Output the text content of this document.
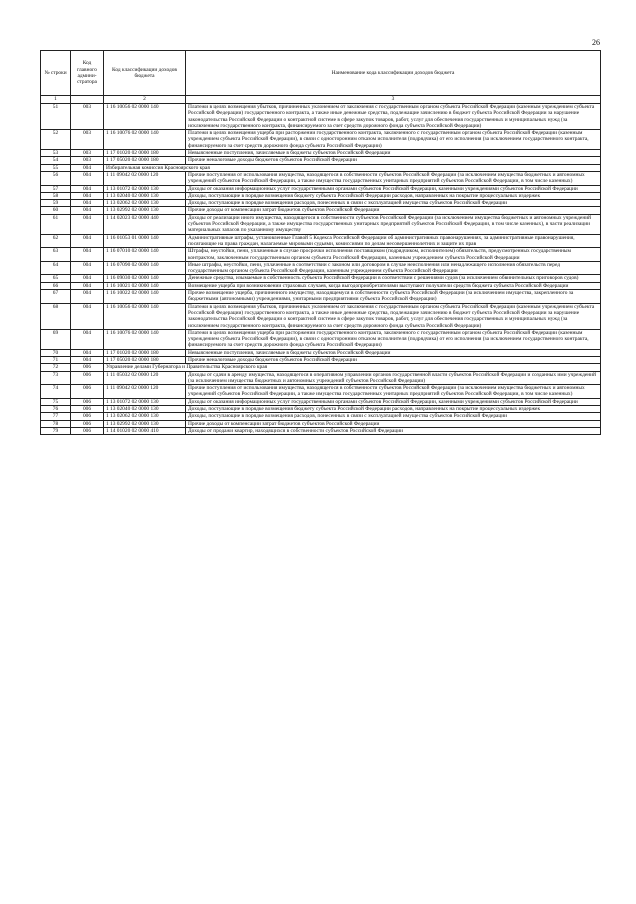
26
№ строки	Код главного админи-стратора	Код классификации доходов бюджета	Наименование кода классификации доходов бюджета
1		2	3
51	003	1 16 10056 02 0000 140	Платежи в целях возмещения убытков, причиненных уклонением от заключения с государственным органом субъекта Российской Федерации (казенным учреждением субъекта Российской Федерации) государственного контракта, а также иные денежные средства, подлежащие зачислению в бюджет субъекта Российской Федерации за нарушение законодательства Российской Федерации о контрактной системе в сфере закупок товаров, работ, услуг для обеспечения государственных и муниципальных нужд (за исключением государственного контракта, финансируемого за счет средств дорожного фонда субъекта Российской Федерации)
52	003	1 16 10076 02 0000 140	Платежи в целях возмещения ущерба при расторжении государственного контракта, заключенного с государственным органом субъекта Российской Федерации (казенным учреждением субъекта Российской Федерации), в связи с односторонним отказом исполнителя (подрядчика) от его исполнения (за исключением государственного контракта, финансируемого за счет средств дорожного фонда субъекта Российской Федерации)
53	003	1 17 01020 02 0000 180	Невыясненные поступления, зачисляемые в бюджеты субъектов Российской Федерации
54	003	1 17 05020 02 0000 180	Прочие неналоговые доходы бюджетов субъектов Российской Федерации
55	004	Избирательная комиссия Красноярского края	
56	004	1 11 09042 02 0000 120	Прочие поступления от использования имущества, находящегося в собственности субъектов Российской Федерации (за исключением имущества бюджетных и автономных учреждений субъектов Российской Федерации, а также имущества государственных унитарных предприятий субъектов Российской Федерации, в том числе казенных)
57	004	1 13 01072 02 0000 130	Доходы от оказания информационных услуг государственными органами субъектов Российской Федерации, казенными учреждениями субъектов Российской Федерации
58	004	1 13 02040 02 0000 130	Доходы, поступающие в порядке возмещения бюджету субъекта Российской Федерации расходов, направленных на покрытие процессуальных издержек
59	004	1 13 02062 02 0000 130	Доходы, поступающие в порядке возмещения расходов, понесенных в связи с эксплуатацией имущества субъектов Российской Федерации
60	004	1 13 02992 02 0000 130	Прочие доходы от компенсации затрат бюджетов субъектов Российской Федерации
61	004	1 14 02023 02 0000 440	Доходы от реализации иного имущества, находящегося в собственности субъектов Российской Федерации (за исключением имущества бюджетных и автономных учреждений субъектов Российской Федерации, а также имущества государственных унитарных предприятий субъектов Российской Федерации, в том числе казенных), в части реализации материальных запасов по указанному имуществу
62	004	1 16 01053 01 0000 140	Административные штрафы, установленные Главой 5 Кодекса Российской Федерации об административных правонарушениях, за административные правонарушения, посягающие на права граждан, налагаемые мировыми судьями, комиссиями по делам несовершеннолетних и защите их прав
63	004	1 16 07010 02 0000 140	Штрафы, неустойки, пени, уплаченные в случае просрочки исполнения поставщиком (подрядчиком, исполнителем) обязательств, предусмотренных государственным контрактом, заключенным государственным органом субъекта Российской Федерации, казенным учреждением субъекта Российской Федерации
64	004	1 16 07090 02 0000 140	Иные штрафы, неустойки, пени, уплаченные в соответствии с законом или договором в случае неисполнения или ненадлежащего исполнения обязательств перед государственным органом субъекта Российской Федерации, казенным учреждением субъекта Российской Федерации
65	004	1 16 09030 02 0000 140	Денежные средства, изымаемые в собственность субъекта Российской Федерации в соответствии с решениями судов (за исключением обвинительных приговоров судов)
66	004	1 16 10021 02 0000 140	Возмещение ущерба при возникновении страховых случаев, когда выгодоприобретателями выступают получатели средств бюджета субъекта Российской Федерации
67	004	1 16 10022 02 0000 140	Прочее возмещение ущерба, причиненного имуществу, находящемуся в собственности субъекта Российской Федерации (за исключением имущества, закрепленного за бюджетными (автономными) учреждениями, унитарными предприятиями субъекта Российской Федерации)
68	004	1 16 10056 02 0000 140	Платежи в целях возмещения убытков, причиненных уклонением от заключения с государственным органом субъекта Российской Федерации (казенным учреждением субъекта Российской Федерации) государственного контракта, а также иные денежные средства, подлежащие зачислению в бюджет субъекта Российской Федерации за нарушение законодательства Российской Федерации о контрактной системе в сфере закупок товаров, работ, услуг для обеспечения государственных и муниципальных нужд (за исключением государственного контракта, финансируемого за счет средств дорожного фонда субъекта Российской Федерации)
69	004	1 16 10076 02 0000 140	Платежи в целях возмещения ущерба при расторжении государственного контракта, заключенного с государственным органом субъекта Российской Федерации (казенным учреждением субъекта Российской Федерации), в связи с односторонним отказом исполнителя (подрядчика) от его исполнения (за исключением государственного контракта, финансируемого за счет средств дорожного фонда субъекта Российской Федерации)
70	004	1 17 01020 02 0000 180	Невыясненные поступления, зачисляемые в бюджеты субъектов Российской Федерации
71	004	1 17 05020 02 0000 180	Прочие неналоговые доходы бюджетов субъектов Российской Федерации
72	006	Управление делами Губернатора и Правительства Красноярского края	
73	006	1 11 05032 02 0000 120	Доходы от сдачи в аренду имущества, находящегося в оперативном управлении органов государственной власти субъектов Российской Федерации и созданных ими учреждений (за исключением имущества бюджетных и автономных учреждений субъектов Российской Федерации)
74	006	1 11 09042 02 0000 120	Прочие поступления от использования имущества, находящегося в собственности субъектов Российской Федерации (за исключением имущества бюджетных и автономных учреждений субъектов Российской Федерации, а также имущества государственных унитарных предприятий субъектов Российской Федерации, в том числе казенных)
75	006	1 13 01072 02 0000 130	Доходы от оказания информационных услуг государственными органами субъектов Российской Федерации, казенными учреждениями субъектов Российской Федерации
76	006	1 13 02040 02 0000 130	Доходы, поступающие в порядке возмещения бюджету субъекта Российской Федерации расходов, направленных на покрытие процессуальных издержек
77	006	1 13 02062 02 0000 130	Доходы, поступающие в порядке возмещения расходов, понесенных в связи с эксплуатацией имущества субъектов Российской Федерации
78	006	1 13 02992 02 0000 130	Прочие доходы от компенсации затрат бюджетов субъектов Российской Федерации
79	006	1 14 01020 02 0000 410	Доходы от продажи квартир, находящихся в собственности субъектов Российской Федерации
